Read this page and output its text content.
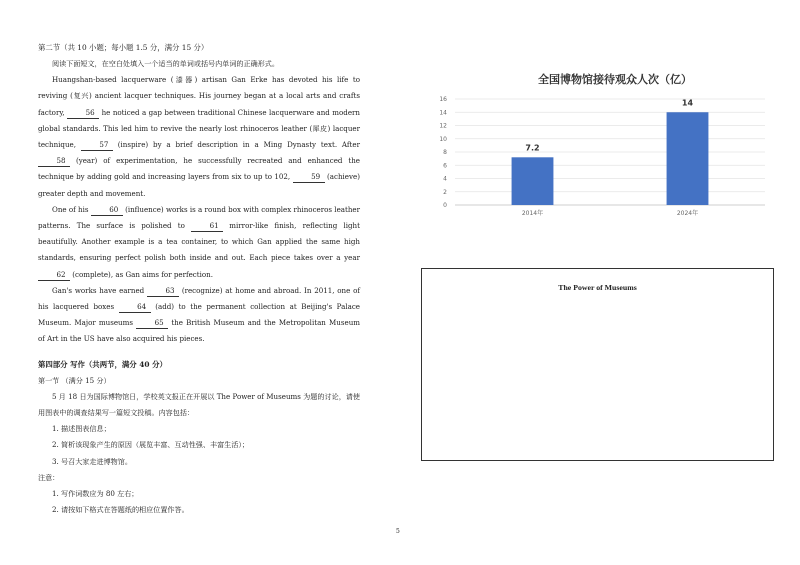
第二节（共 10 小题；每小题 1.5 分，满分 15 分）

阅读下面短文，在空白处填入一个适当的单词或括号内单词的正确形式。

Huangshan-based lacquerware (漆器) artisan Gan Erke has devoted his life to reviving (复兴) ancient lacquer techniques. His journey began at a local arts and crafts factory,	56 he noticed a gap between traditional Chinese lacquerware and modern global standards. This led him to revive the nearly lost rhinoceros leather (犀皮) lacquer technique,	57 (inspire) by a brief description in a Ming Dynasty text. After 58 (year) of experimentation, he successfully recreated and enhanced the technique by adding gold and increasing layers from six to up to 102,	59 (achieve) greater depth and movement.

One of his	60 (influence) works is a round box with complex rhinoceros leather patterns. The surface is polished to	61 mirror-like finish, reflecting light beautifully. Another example is a tea container, to which Gan applied the same high standards, ensuring perfect polish both inside and out. Each piece takes over a year 62 (complete), as Gan aims for perfection.

Gan's works have earned	63 (recognize) at home and abroad. In 2011, one of his lacquered boxes	64 (add) to the permanent collection at Beijing's Palace Museum. Major museums	65 the British Museum and the Metropolitan Museum of Art in the US have also acquired his pieces.

第四部分 写作（共两节，满分 40 分）

第一节 （满分 15 分）

5 月 18 日为国际博物馆日，学校英文报正在开展以 The Power of Museums 为题的讨论，请使用图表中的调查结果写一篇短文投稿。内容包括：

1. 描述图表信息；

2. 简析该现象产生的原因（展览丰富、互动性强、丰富生活）；

3. 号召大家走进博物馆。

注意：

1. 写作词数应为 80 左右；

2. 请按如下格式在答题纸的相应位置作答。

全国博物馆接待观众人次（亿）
0
2
4
6
8
10
12
14
16
7.2
2014年
14
2024年
The Power of Museums
5
